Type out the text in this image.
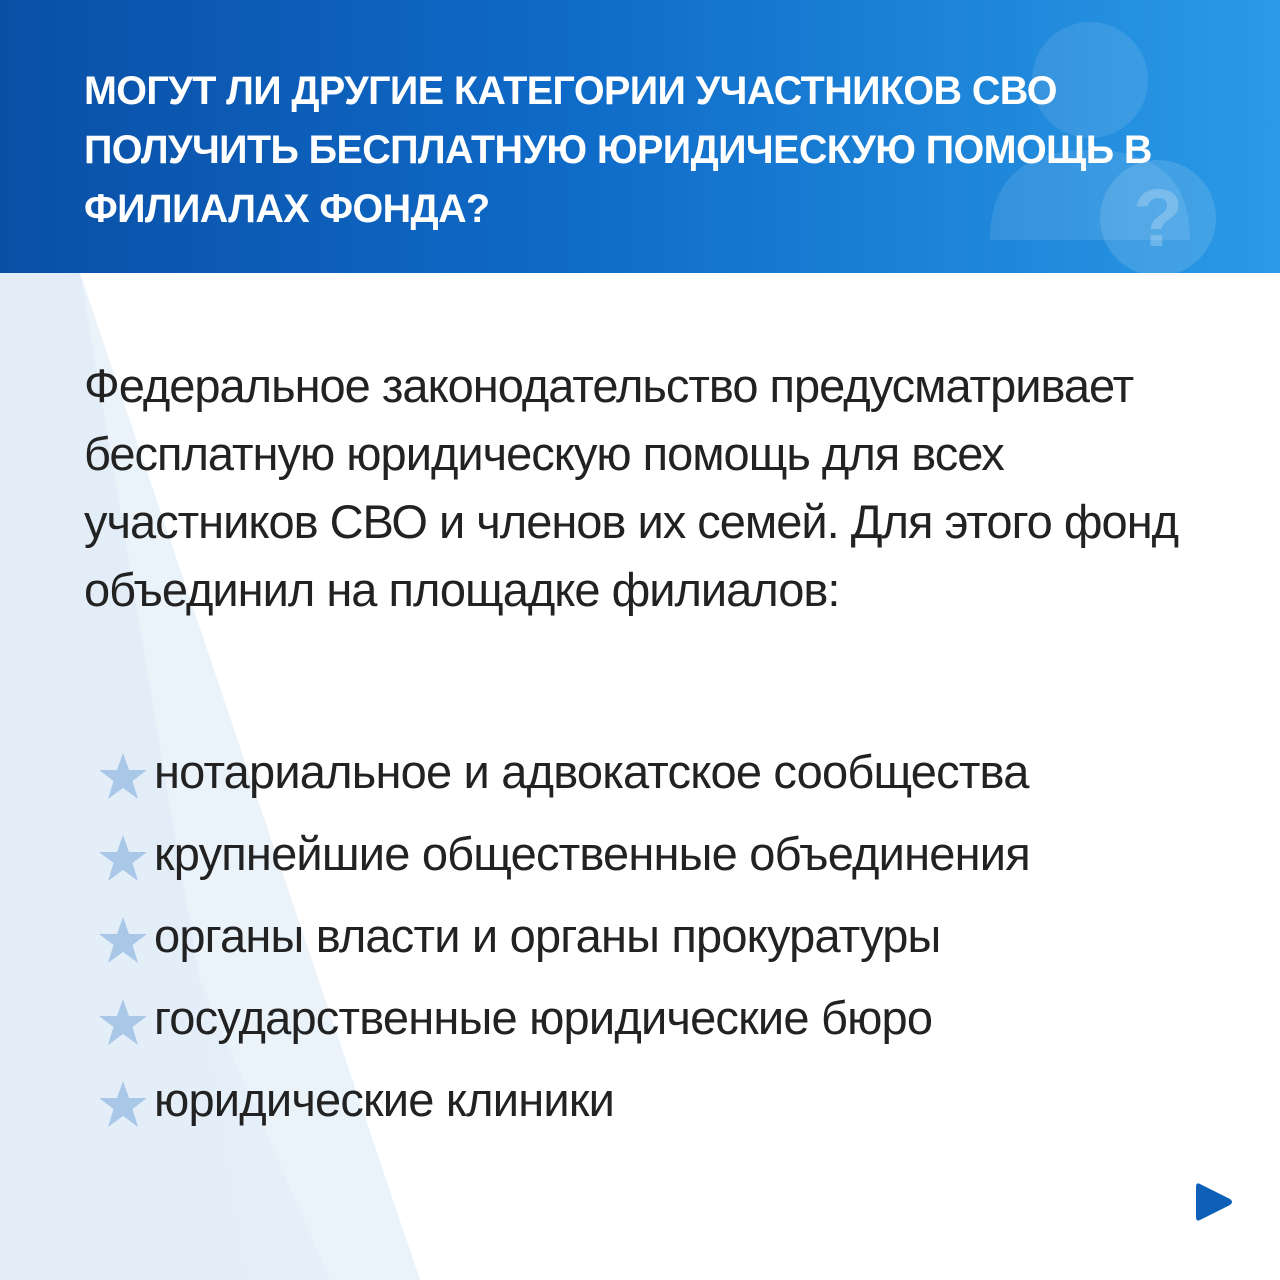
?
МОГУТ ЛИ ДРУГИЕ КАТЕГОРИИ УЧАСТНИКОВ СВО ПОЛУЧИТЬ БЕСПЛАТНУЮ ЮРИДИЧЕСКУЮ ПОМОЩЬ В ФИЛИАЛАХ ФОНДА?

Федеральное законодательство предусматривает бесплатную юридическую помощь для всех участников СВО и членов их семей. Для этого фонд объединил на площадке филиалов:

нотариальное и адвокатское сообщества
крупнейшие общественные объединения
органы власти и органы прокуратуры
государственные юридические бюро
юридические клиники
